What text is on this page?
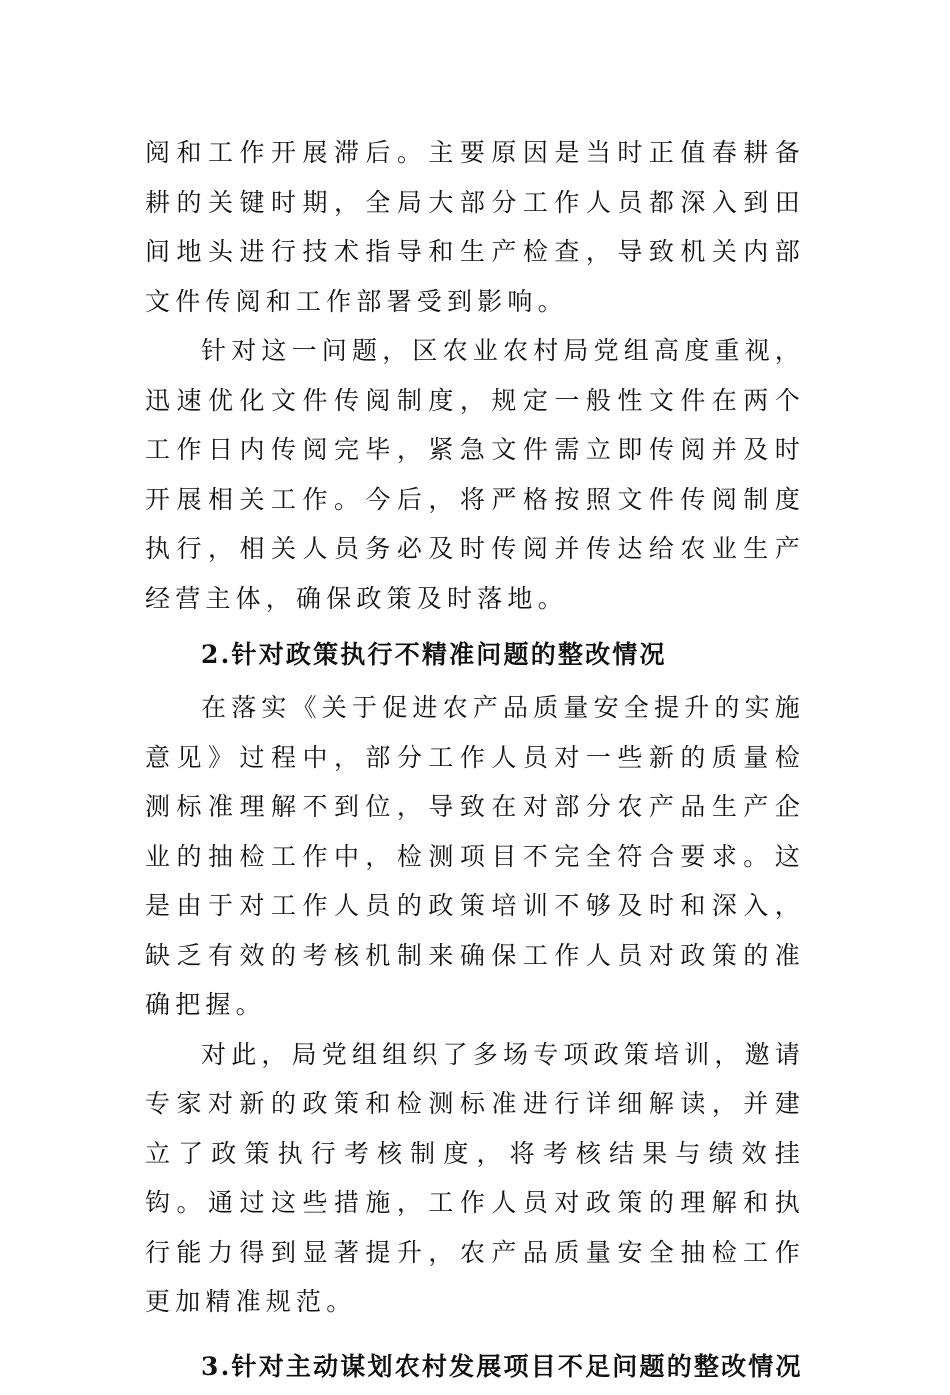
阅和工作开展滞后。主要原因是当时正值春耕备耕的关键时期，全局大部分工作人员都深入到田间地头进行技术指导和生产检查，导致机关内部文件传阅和工作部署受到影响。

针对这一问题，区农业农村局党组高度重视，迅速优化文件传阅制度，规定一般性文件在两个工作日内传阅完毕，紧急文件需立即传阅并及时开展相关工作。今后，将严格按照文件传阅制度执行，相关人员务必及时传阅并传达给农业生产经营主体，确保政策及时落地。

2.针对政策执行不精准问题的整改情况

在落实《关于促进农产品质量安全提升的实施意见》过程中，部分工作人员对一些新的质量检测标准理解不到位，导致在对部分农产品生产企业的抽检工作中，检测项目不完全符合要求。这是由于对工作人员的政策培训不够及时和深入，缺乏有效的考核机制来确保工作人员对政策的准确把握。

对此，局党组组织了多场专项政策培训，邀请专家对新的政策和检测标准进行详细解读，并建立了政策执行考核制度，将考核结果与绩效挂钩。通过这些措施，工作人员对政策的理解和执行能力得到显著提升，农产品质量安全抽检工作更加精准规范。

3.针对主动谋划农村发展项目不足问题的整改情况
